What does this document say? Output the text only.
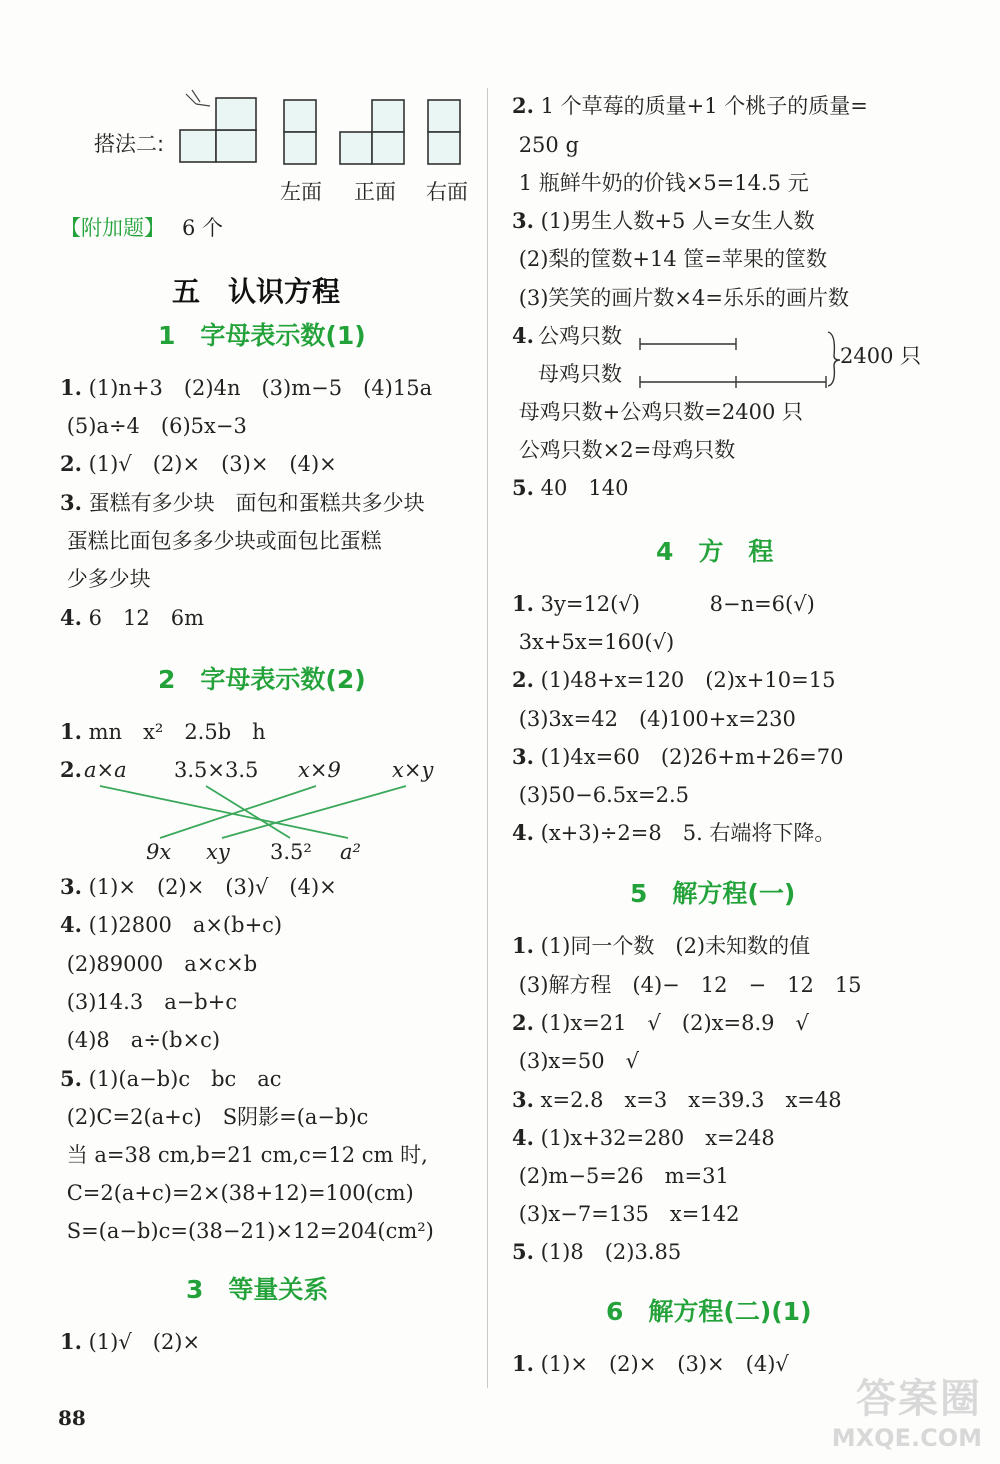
搭法二:
左面 正面 右面
【附加题】 6 个
五　认识方程
1　字母表示数(1)
1. (1)n+3　(2)4n　(3)m−5　(4)15a
(5)a÷4　(6)5x−3
2. (1)√　(2)×　(3)×　(4)×
3. 蛋糕有多少块　面包和蛋糕共多少块
蛋糕比面包多多少块或面包比蛋糕
少多少块
4. 6　12　6m
2　字母表示数(2)
1. mn　x²　2.5b　h
2. a×a 3.5×3.5 x×9 x×y
9x xy 3.5² a²
3. (1)×　(2)×　(3)√　(4)×
4. (1)2800　a×(b+c)
(2)89000　a×c×b
(3)14.3　a−b+c
(4)8　a÷(b×c)
5. (1)(a−b)c　bc　ac
(2)C=2(a+c)　S阴影=(a−b)c
当 a=38 cm,b=21 cm,c=12 cm 时,
C=2(a+c)=2×(38+12)=100(cm)
S=(a−b)c=(38−21)×12=204(cm²)
3　等量关系
1. (1)√　(2)×
2. 1 个草莓的质量+1 个桃子的质量=
250 g
1 瓶鲜牛奶的价钱×5=14.5 元
3. (1)男生人数+5 人=女生人数
(2)梨的筐数+14 筐=苹果的筐数
(3)笑笑的画片数×4=乐乐的画片数
4. 公鸡只数
母鸡只数
2400 只
母鸡只数+公鸡只数=2400 只
公鸡只数×2=母鸡只数
5. 40　140
4　方　程
1. 3y=12(√)　　　 8−n=6(√)
3x+5x=160(√)
2. (1)48+x=120　(2)x+10=15
(3)3x=42　(4)100+x=230
3. (1)4x=60　(2)26+m+26=70
(3)50−6.5x=2.5
4. (x+3)÷2=8　5. 右端将下降。
5　解方程(一)
1. (1)同一个数　(2)未知数的值
(3)解方程　(4)−　12　−　12　15
2. (1)x=21　√　(2)x=8.9　√
(3)x=50　√
3. x=2.8　x=3　x=39.3　x=48
4. (1)x+32=280　x=248
(2)m−5=26　m=31
(3)x−7=135　x=142
5. (1)8　(2)3.85
6　解方程(二)(1)
1. (1)×　(2)×　(3)×　(4)√
88	答案圈
MXQE.COM
